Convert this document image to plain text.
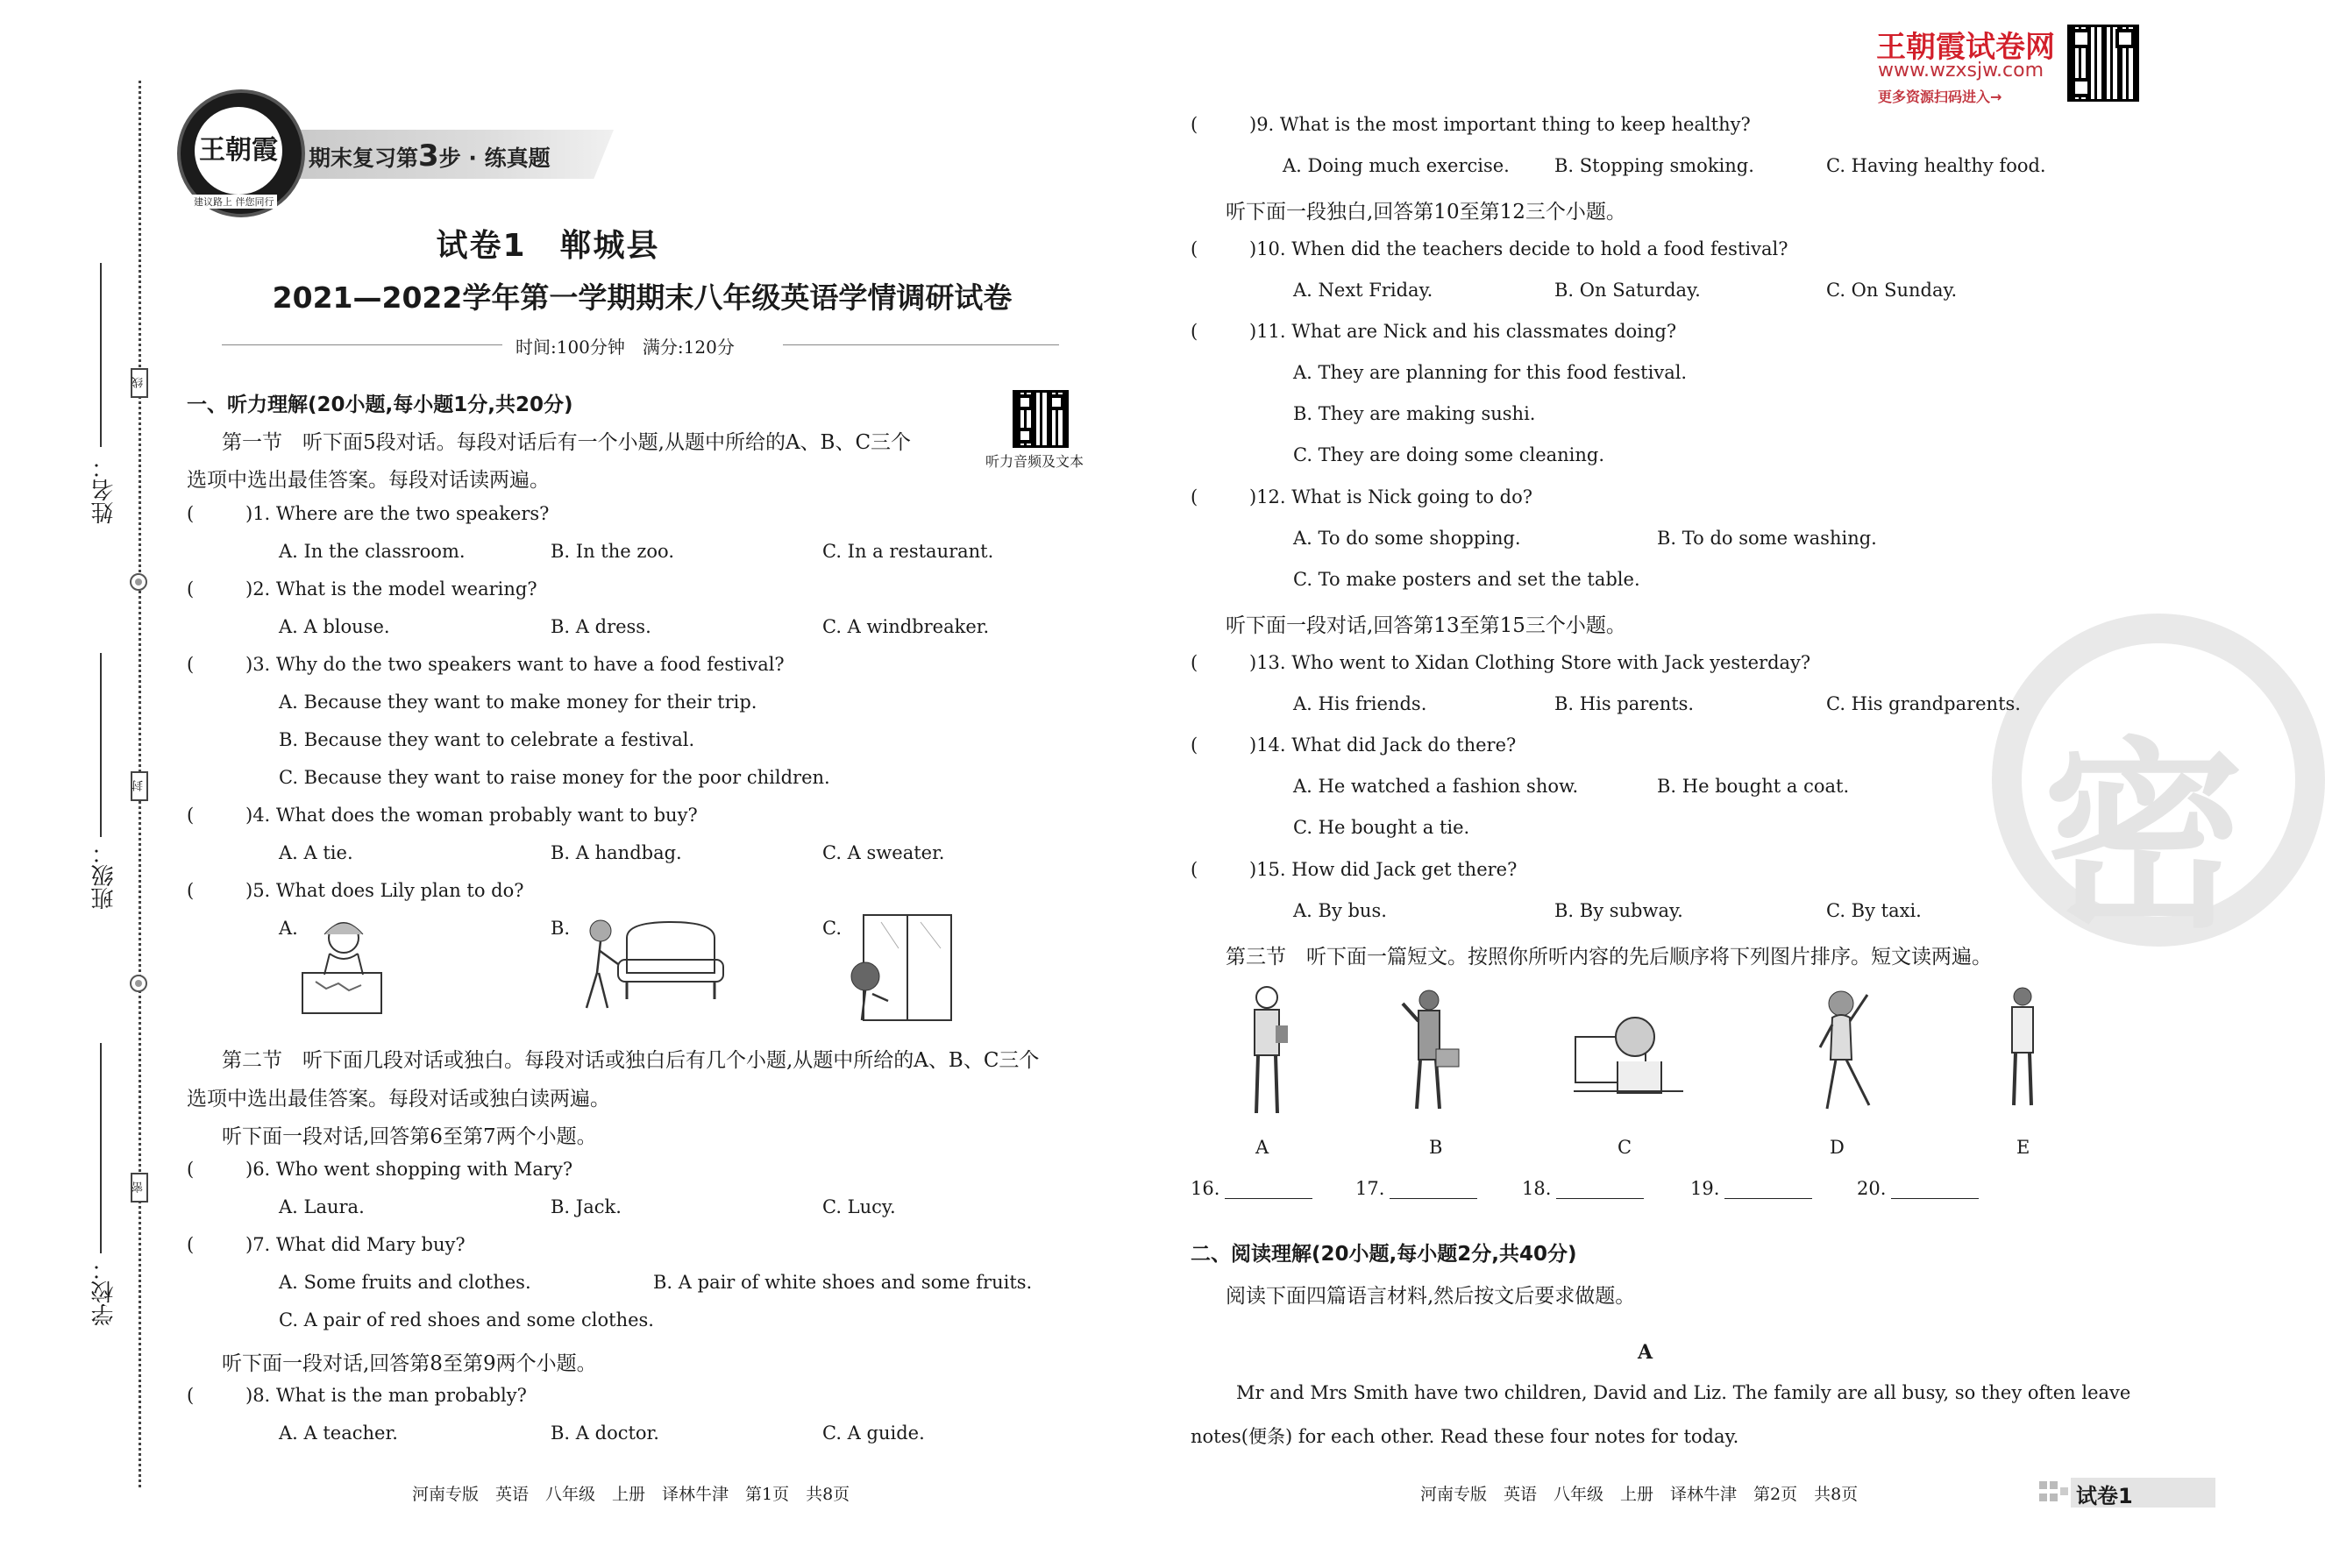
姓名：
班级：
学校：
线
封
密
期末复习第3步 · 练真题
王朝霞
建议路上 伴您同行
试卷1　郸城县
2021—2022学年第一学期期末八年级英语学情调研试卷
时间:100分钟　满分:120分
王朝霞试卷网
www.wzxsjw.com
更多资源扫码进入→
密
一、听力理解(20小题,每小题1分,共20分)
听力音频及文本
第一节　听下面5段对话。每段对话后有一个小题,从题中所给的A、B、C三个
选项中选出最佳答案。每段对话读两遍。
(	)1. Where are the two speakers?
A. In the classroom.	B. In the zoo.	C. In a restaurant.
(	)2. What is the model wearing?
A. A blouse.	B. A dress.	C. A windbreaker.
(	)3. Why do the two speakers want to have a food festival?
A. Because they want to make money for their trip.
B. Because they want to celebrate a festival.
C. Because they want to raise money for the poor children.
(	)4. What does the woman probably want to buy?
A. A tie.	B. A handbag.	C. A sweater.
(	)5. What does Lily plan to do?
A.	B.	C.
第二节　听下面几段对话或独白。每段对话或独白后有几个小题,从题中所给的A、B、C三个
选项中选出最佳答案。每段对话或独白读两遍。
听下面一段对话,回答第6至第7两个小题。
(	)6. Who went shopping with Mary?
A. Laura.	B. Jack.	C. Lucy.
(	)7. What did Mary buy?
A. Some fruits and clothes.	B. A pair of white shoes and some fruits.
C. A pair of red shoes and some clothes.
听下面一段对话,回答第8至第9两个小题。
(	)8. What is the man probably?
A. A teacher.	B. A doctor.	C. A guide.
河南专版　英语　八年级　上册　译林牛津　第1页　共8页
(	)9. What is the most important thing to keep healthy?
A. Doing much exercise. B. Stopping smoking.	C. Having healthy food.
听下面一段独白,回答第10至第12三个小题。
(	)10. When did the teachers decide to hold a food festival?
A. Next Friday.	B. On Saturday.	C. On Sunday.
(	)11. What are Nick and his classmates doing?
A. They are planning for this food festival.
B. They are making sushi.
C. They are doing some cleaning.
(	)12. What is Nick going to do?
A. To do some shopping.	B. To do some washing.
C. To make posters and set the table.
听下面一段对话,回答第13至第15三个小题。
(	)13. Who went to Xidan Clothing Store with Jack yesterday?
A. His friends.	B. His parents.	C. His grandparents.
(	)14. What did Jack do there?
A. He watched a fashion show.	B. He bought a coat.
C. He bought a tie.
(	)15. How did Jack get there?
A. By bus.	B. By subway.	C. By taxi.
第三节　听下面一篇短文。按照你所听内容的先后顺序将下列图片排序。短文读两遍。
A	B	C	D	E
16.	17.	18.	19.	20.
二、阅读理解(20小题,每小题2分,共40分)
阅读下面四篇语言材料,然后按文后要求做题。
A
Mr and Mrs Smith have two children, David and Liz. The family are all busy, so they often leave
notes(便条) for each other. Read these four notes for today.
河南专版　英语　八年级　上册　译林牛津　第2页　共8页	试卷1
